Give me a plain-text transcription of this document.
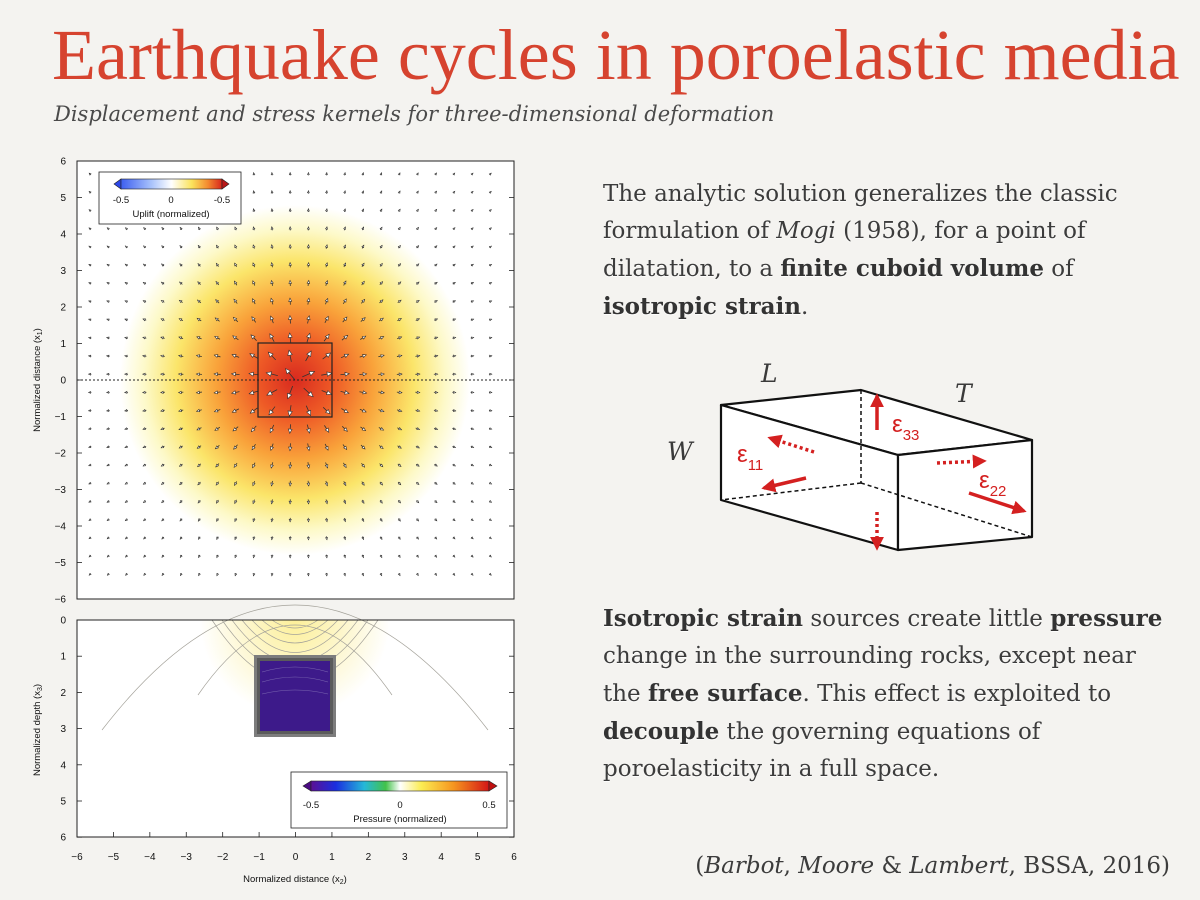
Earthquake cycles in poroelastic media
Displacement and stress kernels for three-dimensional deformation
6
5
4
3
2
1
0
−1
−2
−3
−4
−5
−6
-0.5	0	-0.5
Uplift (normalized)
Normalized distance $(x_1)$
0
1
2
3
4
5
6
−6	−5	−4	−3	−2	−1	0	1	2	3	4	5	6
-0.5	0	0.5
Pressure (normalized)
Normalized depth $(x_3)$
Normalized distance $(x_2)$

The analytic solution generalizes the classic formulation of Mogi (1958), for a point of dilatation, to a finite cuboid volume of isotropic strain.

L
T
W
ε33
ε11
ε22

Isotropic strain sources create little pressure change in the surrounding rocks, except near the free surface. This effect is exploited to decouple the governing equations of poroelasticity in a full space.

(Barbot, Moore & Lambert, BSSA, 2016)
